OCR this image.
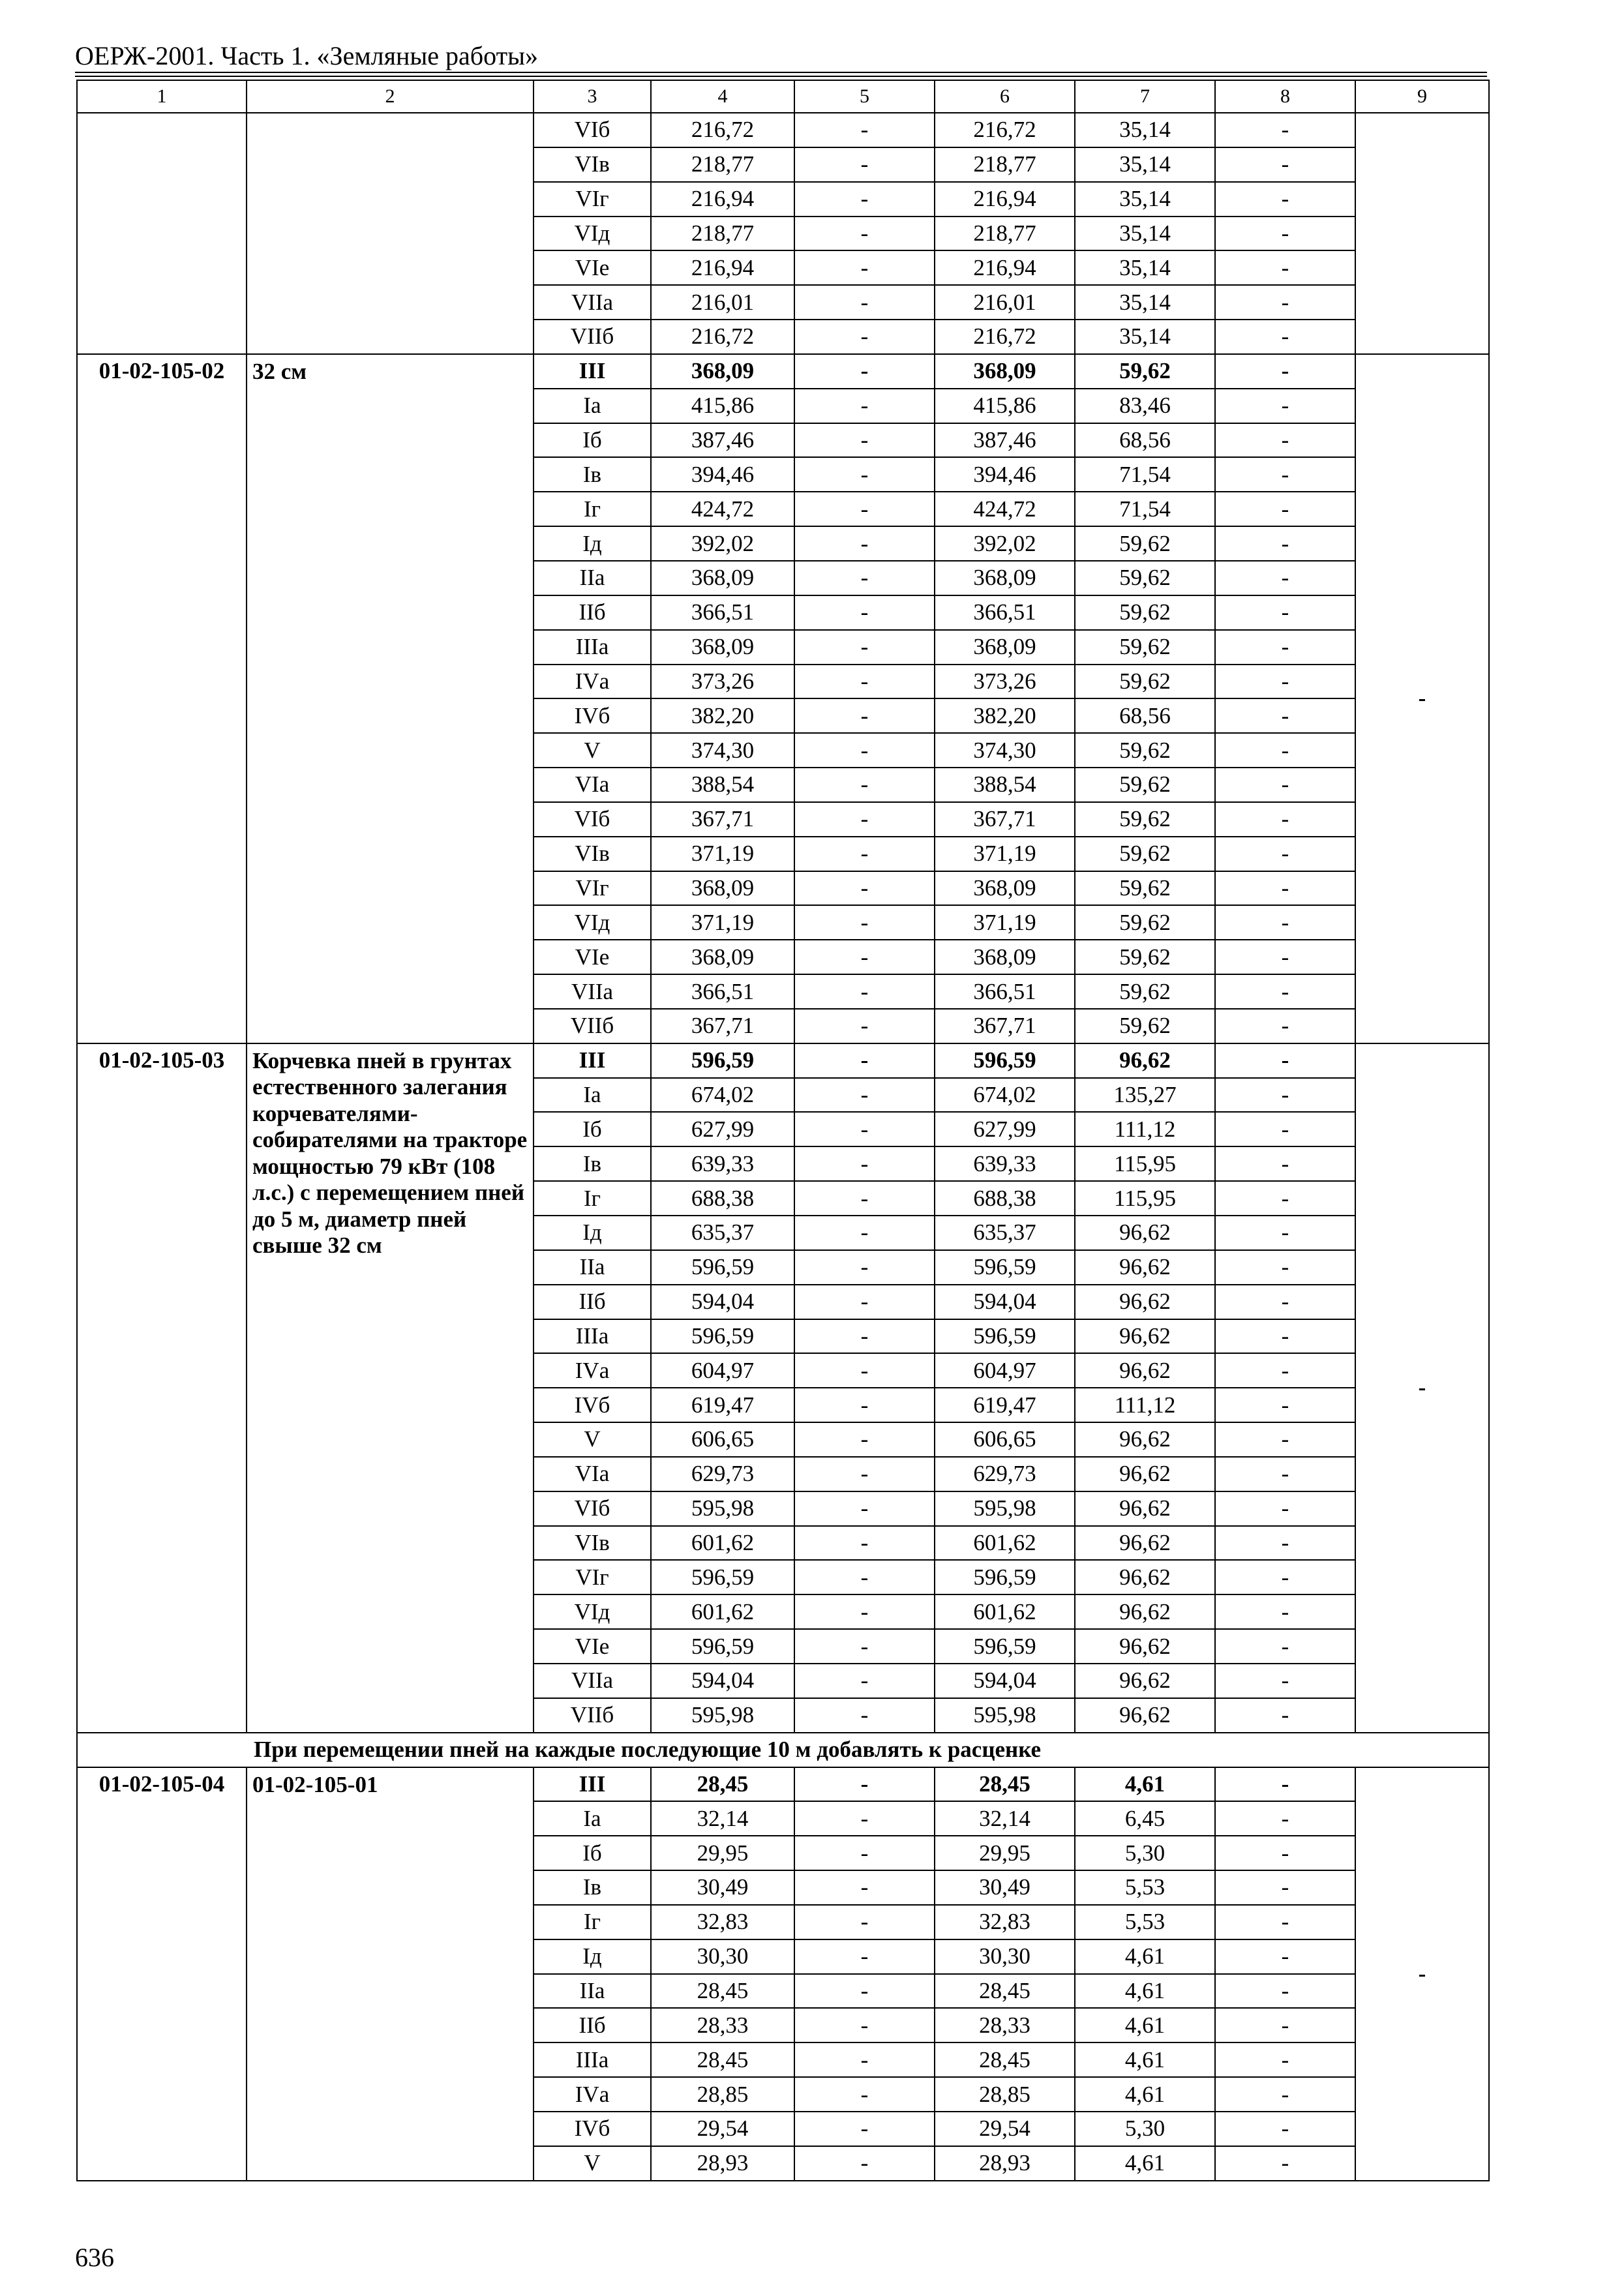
ОЕРЖ-2001. Часть 1. «Земляные работы»
1	2	3	4	5	6	7	8	9
		VIб	216,72	-	216,72	35,14	-	
		VIв	218,77	-	218,77	35,14	-	
		VIг	216,94	-	216,94	35,14	-	
		VIд	218,77	-	218,77	35,14	-	
		VIе	216,94	-	216,94	35,14	-	
		VIIа	216,01	-	216,01	35,14	-	
		VIIб	216,72	-	216,72	35,14	-	
01-02-105-02	32 см	III	368,09	-	368,09	59,62	-	-
		Iа	415,86	-	415,86	83,46	-	
		Iб	387,46	-	387,46	68,56	-	
		Iв	394,46	-	394,46	71,54	-	
		Iг	424,72	-	424,72	71,54	-	
		Iд	392,02	-	392,02	59,62	-	
		IIа	368,09	-	368,09	59,62	-	
		IIб	366,51	-	366,51	59,62	-	
		IIIа	368,09	-	368,09	59,62	-	
		IVа	373,26	-	373,26	59,62	-	
		IVб	382,20	-	382,20	68,56	-	
		V	374,30	-	374,30	59,62	-	
		VIа	388,54	-	388,54	59,62	-	
		VIб	367,71	-	367,71	59,62	-	
		VIв	371,19	-	371,19	59,62	-	
		VIг	368,09	-	368,09	59,62	-	
		VIд	371,19	-	371,19	59,62	-	
		VIе	368,09	-	368,09	59,62	-	
		VIIа	366,51	-	366,51	59,62	-	
		VIIб	367,71	-	367,71	59,62	-	
01-02-105-03	Корчевка пней в грунтах естественного залегания корчевателями-собирателями на тракторе мощностью 79 кВт (108 л.с.) с перемещением пней до 5 м, диаметр пней свыше 32 см	III	596,59	-	596,59	96,62	-	-
		Iа	674,02	-	674,02	135,27	-	
		Iб	627,99	-	627,99	111,12	-	
		Iв	639,33	-	639,33	115,95	-	
		Iг	688,38	-	688,38	115,95	-	
		Iд	635,37	-	635,37	96,62	-	
		IIа	596,59	-	596,59	96,62	-	
		IIб	594,04	-	594,04	96,62	-	
		IIIа	596,59	-	596,59	96,62	-	
		IVа	604,97	-	604,97	96,62	-	
		IVб	619,47	-	619,47	111,12	-	
		V	606,65	-	606,65	96,62	-	
		VIа	629,73	-	629,73	96,62	-	
		VIб	595,98	-	595,98	96,62	-	
		VIв	601,62	-	601,62	96,62	-	
		VIг	596,59	-	596,59	96,62	-	
		VIд	601,62	-	601,62	96,62	-	
		VIе	596,59	-	596,59	96,62	-	
		VIIа	594,04	-	594,04	96,62	-	
		VIIб	595,98	-	595,98	96,62	-	
При перемещении пней на каждые последующие 10 м добавлять к расценке								
01-02-105-04	01-02-105-01	III	28,45	-	28,45	4,61	-	-
		Iа	32,14	-	32,14	6,45	-	
		Iб	29,95	-	29,95	5,30	-	
		Iв	30,49	-	30,49	5,53	-	
		Iг	32,83	-	32,83	5,53	-	
		Iд	30,30	-	30,30	4,61	-	
		IIа	28,45	-	28,45	4,61	-	
		IIб	28,33	-	28,33	4,61	-	
		IIIа	28,45	-	28,45	4,61	-	
		IVа	28,85	-	28,85	4,61	-	
		IVб	29,54	-	29,54	5,30	-	
		V	28,93	-	28,93	4,61	-	
636
